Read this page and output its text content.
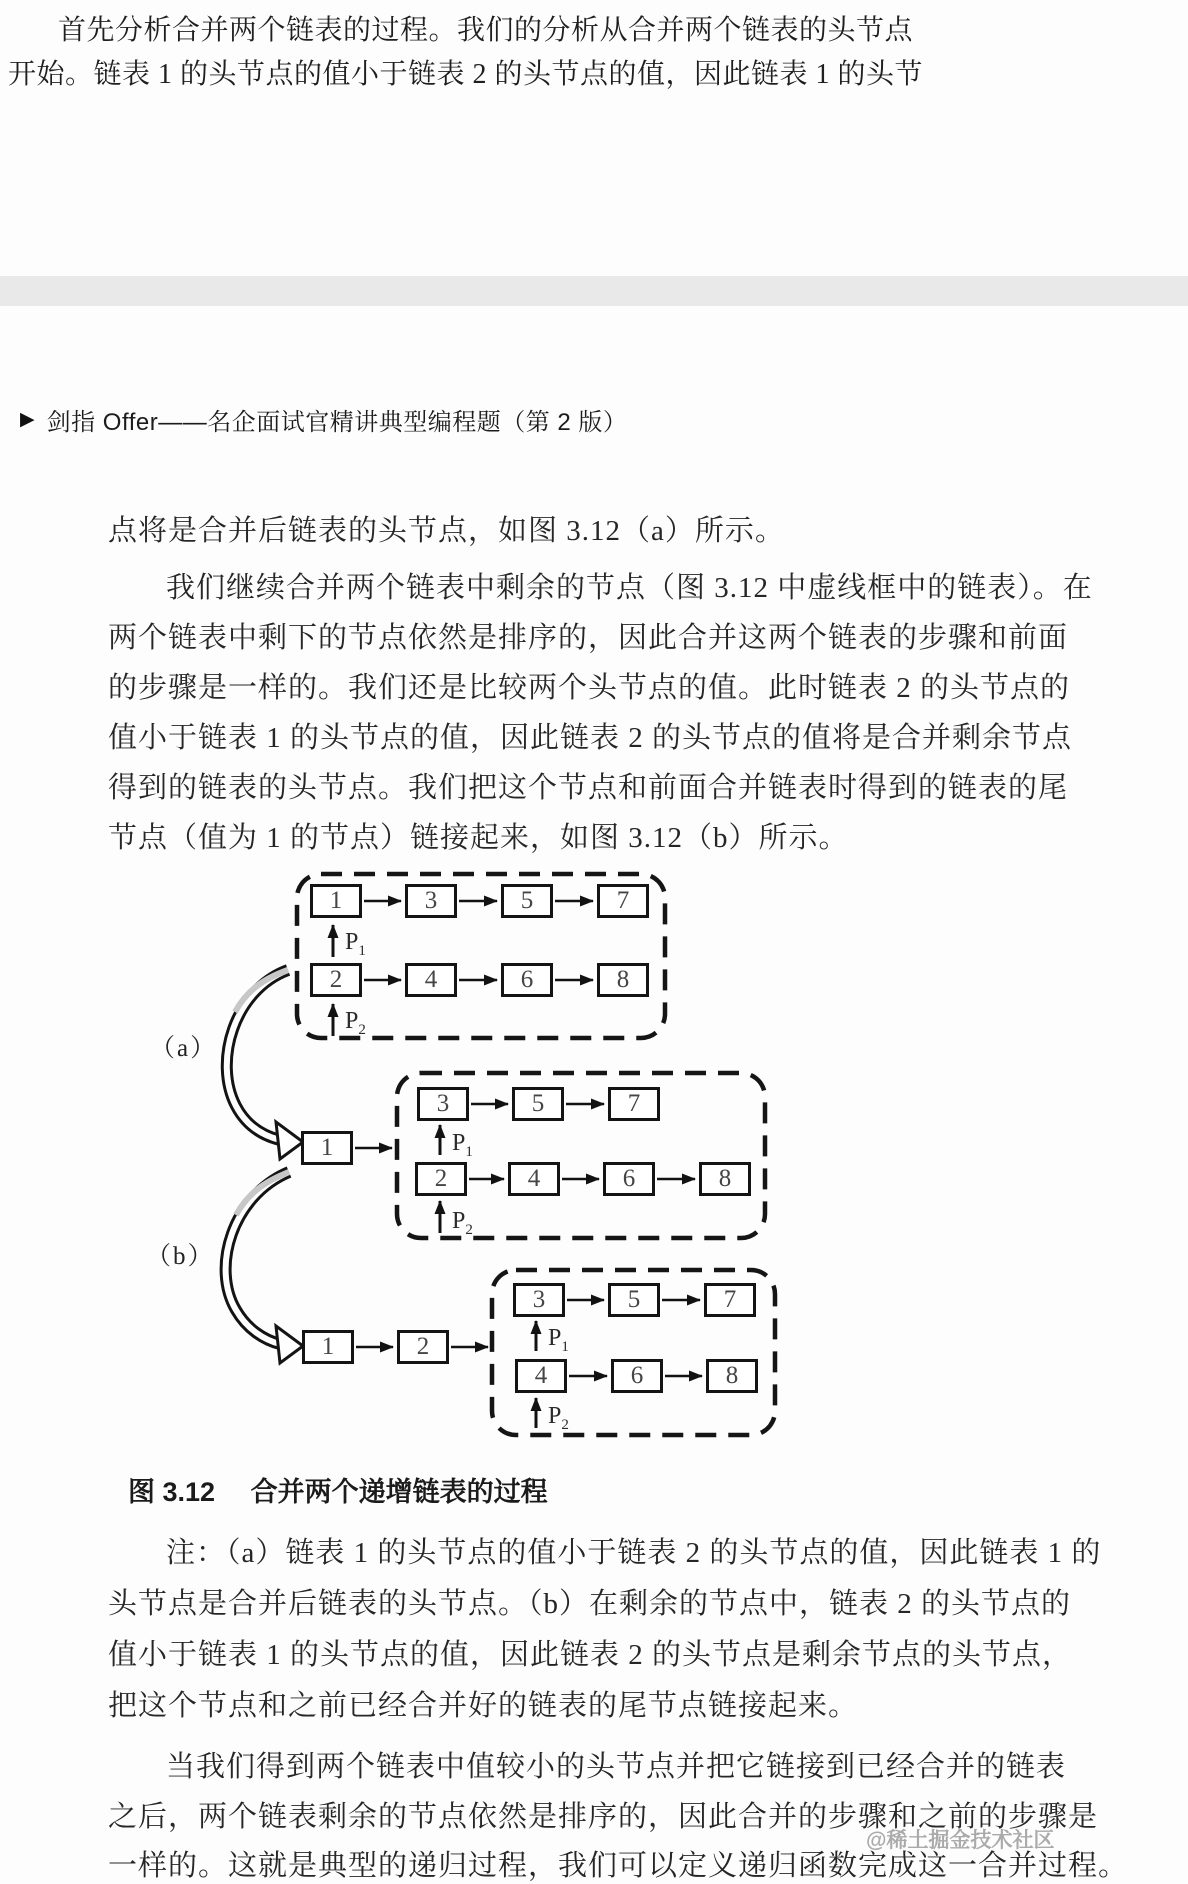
首先分析合并两个链表的过程。我们的分析从合并两个链表的头节点
开始。链表 1 的头节点的值小于链表 2 的头节点的值，因此链表 1 的头节
▶ 剑指 Offer——名企面试官精讲典型编程题（第 2 版）
点将是合并后链表的头节点，如图 3.12（a）所示。
我们继续合并两个链表中剩余的节点（图 3.12 中虚线框中的链表）。在
两个链表中剩下的节点依然是排序的，因此合并这两个链表的步骤和前面
的步骤是一样的。我们还是比较两个头节点的值。此时链表 2 的头节点的
值小于链表 1 的头节点的值，因此链表 2 的头节点的值将是合并剩余节点
得到的链表的头节点。我们把这个节点和前面合并链表时得到的链表的尾
节点（值为 1 的节点）链接起来，如图 3.12（b）所示。
1	3	5	7
2	4	6	8
$P_1$
$P_2$
（a）
1
3	5	7
2	4	6	8
$P_1$
$P_2$
（b）
1	2
3	5	7
4	6	8
$P_1$
$P_2$
图 3.12 合并两个递增链表的过程
注：（a）链表 1 的头节点的值小于链表 2 的头节点的值，因此链表 1 的
头节点是合并后链表的头节点。（b）在剩余的节点中，链表 2 的头节点的
值小于链表 1 的头节点的值，因此链表 2 的头节点是剩余节点的头节点，
把这个节点和之前已经合并好的链表的尾节点链接起来。
当我们得到两个链表中值较小的头节点并把它链接到已经合并的链表
之后，两个链表剩余的节点依然是排序的，因此合并的步骤和之前的步骤是
一样的。这就是典型的递归过程，我们可以定义递归函数完成这一合并过程。
@稀土掘金技术社区
